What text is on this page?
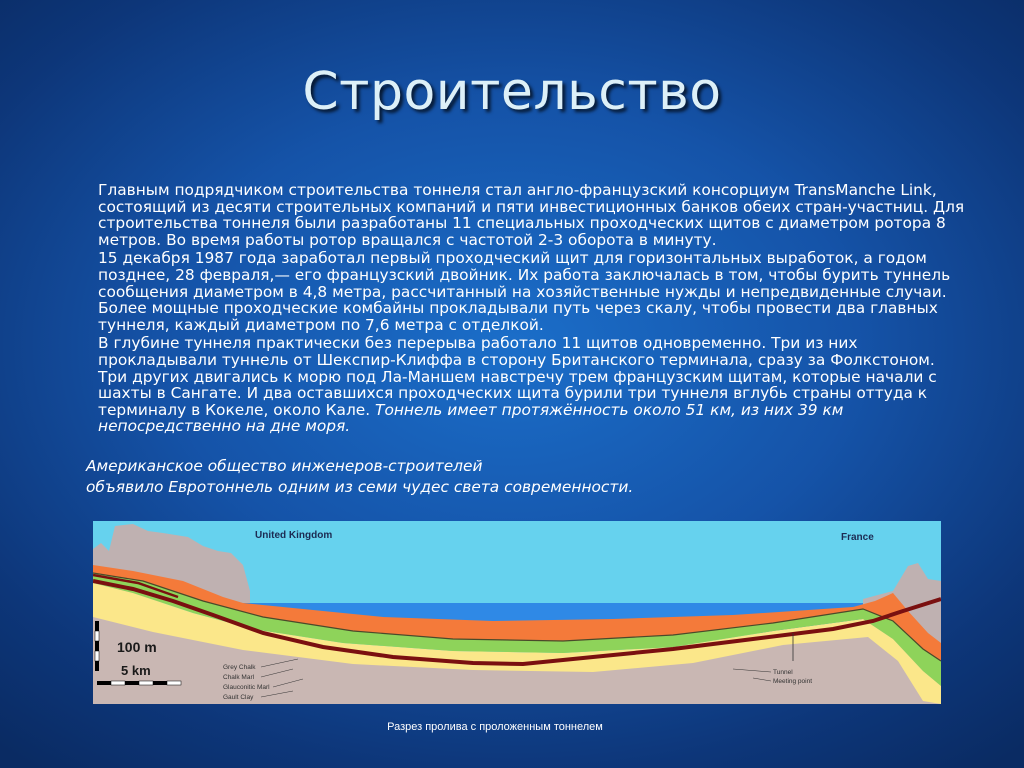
Строительство

Главным подрядчиком строительства тоннеля стал англо-французский консорциум TransManche Link, состоящий из десяти строительных компаний и пяти инвестиционных банков обеих стран-участниц. Для строительства тоннеля были разработаны 11 специальных проходческих щитов с диаметром ротора 8 метров. Во время работы ротор вращался с частотой 2-3 оборота в минуту.

15 декабря 1987 года заработал первый проходческий щит для горизонтальных выработок, а годом позднее, 28 февраля,— его французский двойник. Их работа заключалась в том, чтобы бурить туннель сообщения диаметром в 4,8 метра, рассчитанный на хозяйственные нужды и непредвиденные случаи. Более мощные проходческие комбайны прокладывали путь через скалу, чтобы провести два главных туннеля, каждый диаметром по 7,6 метра с отделкой.

В глубине туннеля практически без перерыва работало 11 щитов одновременно. Три из них прокладывали туннель от Шекспир-Клиффа в сторону Британского терминала, сразу за Фолкстоном. Три других двигались к морю под Ла-Маншем навстречу трем французским щитам, которые начали с шахты в Сангате. И два оставшихся проходческих щита бурили три туннеля вглубь страны оттуда к терминалу в Кокеле, около Кале. Тоннель имеет протяжённость около 51 км, из них 39 км непосредственно на дне моря.

Американское общество инженеров-строителей
объявило Евротоннель одним из семи чудес света современности.
United Kingdom	France
100 m
5 km	Grey Chalk
Chalk Marl
Glauconitic Marl
Gault Clay
Tunnel
Meeting point
Разрез пролива с проложенным тоннелем
